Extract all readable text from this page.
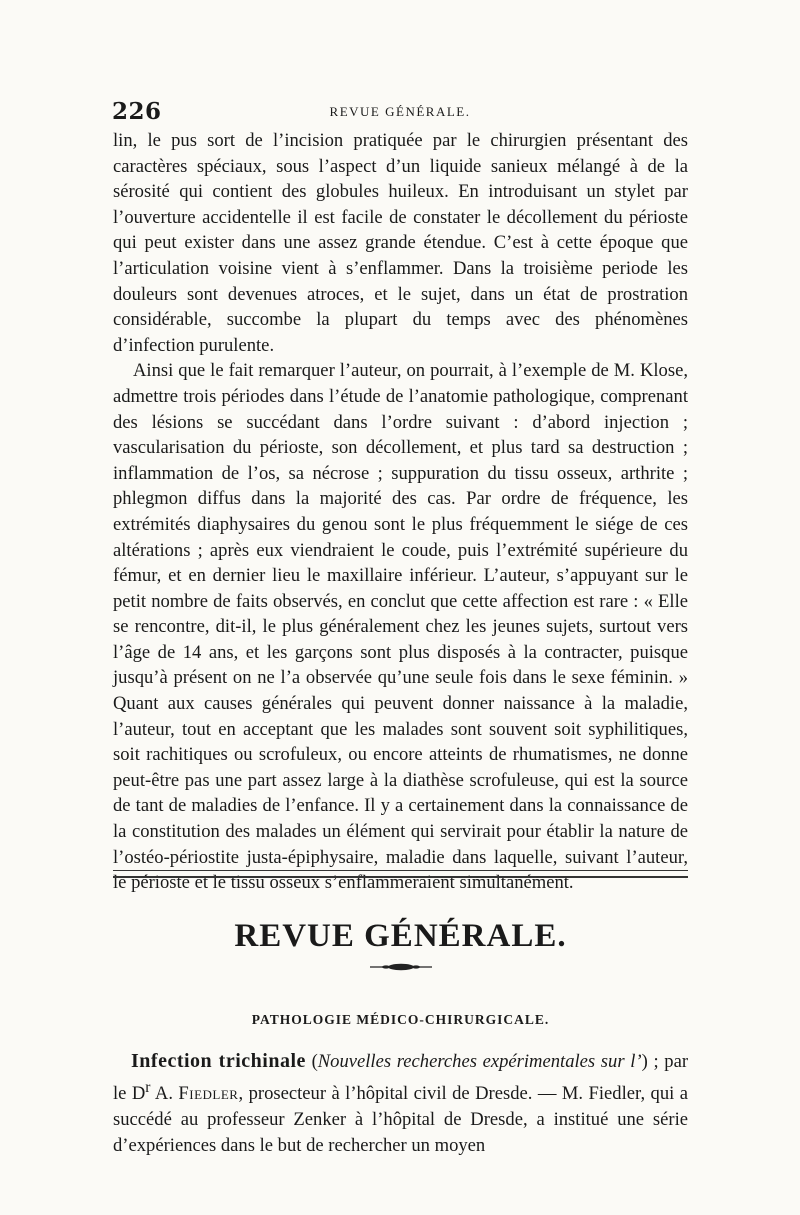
226	REVUE GÉNÉRALE.

lin, le pus sort de l’incision pratiquée par le chirurgien présentant des caractères spéciaux, sous l’aspect d’un liquide sanieux mélangé à de la sérosité qui contient des globules huileux. En introduisant un stylet par l’ouverture accidentelle il est facile de constater le décollement du périoste qui peut exister dans une assez grande étendue. C’est à cette époque que l’articulation voisine vient à s’enflammer. Dans la troisième periode les douleurs sont devenues atroces, et le sujet, dans un état de prostration considérable, succombe la plupart du temps avec des phénomènes d’infection purulente.

Ainsi que le fait remarquer l’auteur, on pourrait, à l’exemple de M. Klose, admettre trois périodes dans l’étude de l’anatomie pathologique, comprenant des lésions se succédant dans l’ordre suivant : d’abord injection ; vascularisation du périoste, son décollement, et plus tard sa destruction ; inflammation de l’os, sa nécrose ; suppuration du tissu osseux, arthrite ; phlegmon diffus dans la majorité des cas. Par ordre de fréquence, les extrémités diaphysaires du genou sont le plus fréquemment le siége de ces altérations ; après eux viendraient le coude, puis l’extrémité supérieure du fémur, et en dernier lieu le maxillaire inférieur. L’auteur, s’appuyant sur le petit nombre de faits observés, en conclut que cette affection est rare : « Elle se rencontre, dit-il, le plus généralement chez les jeunes sujets, surtout vers l’âge de 14 ans, et les garçons sont plus disposés à la contracter, puisque jusqu’à présent on ne l’a observée qu’une seule fois dans le sexe féminin. » Quant aux causes générales qui peuvent donner naissance à la maladie, l’auteur, tout en acceptant que les malades sont souvent soit syphilitiques, soit rachitiques ou scrofuleux, ou encore atteints de rhumatismes, ne donne peut-être pas une part assez large à la diathèse scrofuleuse, qui est la source de tant de maladies de l’enfance. Il y a certainement dans la connaissance de la constitution des malades un élément qui servirait pour établir la nature de l’ostéo-périostite justa-épiphysaire, maladie dans laquelle, suivant l’auteur, le périoste et le tissu osseux s’enflammeraient simultanément.

REVUE GÉNÉRALE.
PATHOLOGIE MÉDICO-CHIRURGICALE.

Infection trichinale (Nouvelles recherches expérimentales sur l’) ; par le $D^r$ A. Fiedler, prosecteur à l’hôpital civil de Dresde. — M. Fiedler, qui a succédé au professeur Zenker à l’hôpital de Dresde, a institué une série d’expériences dans le but de rechercher un moyen
